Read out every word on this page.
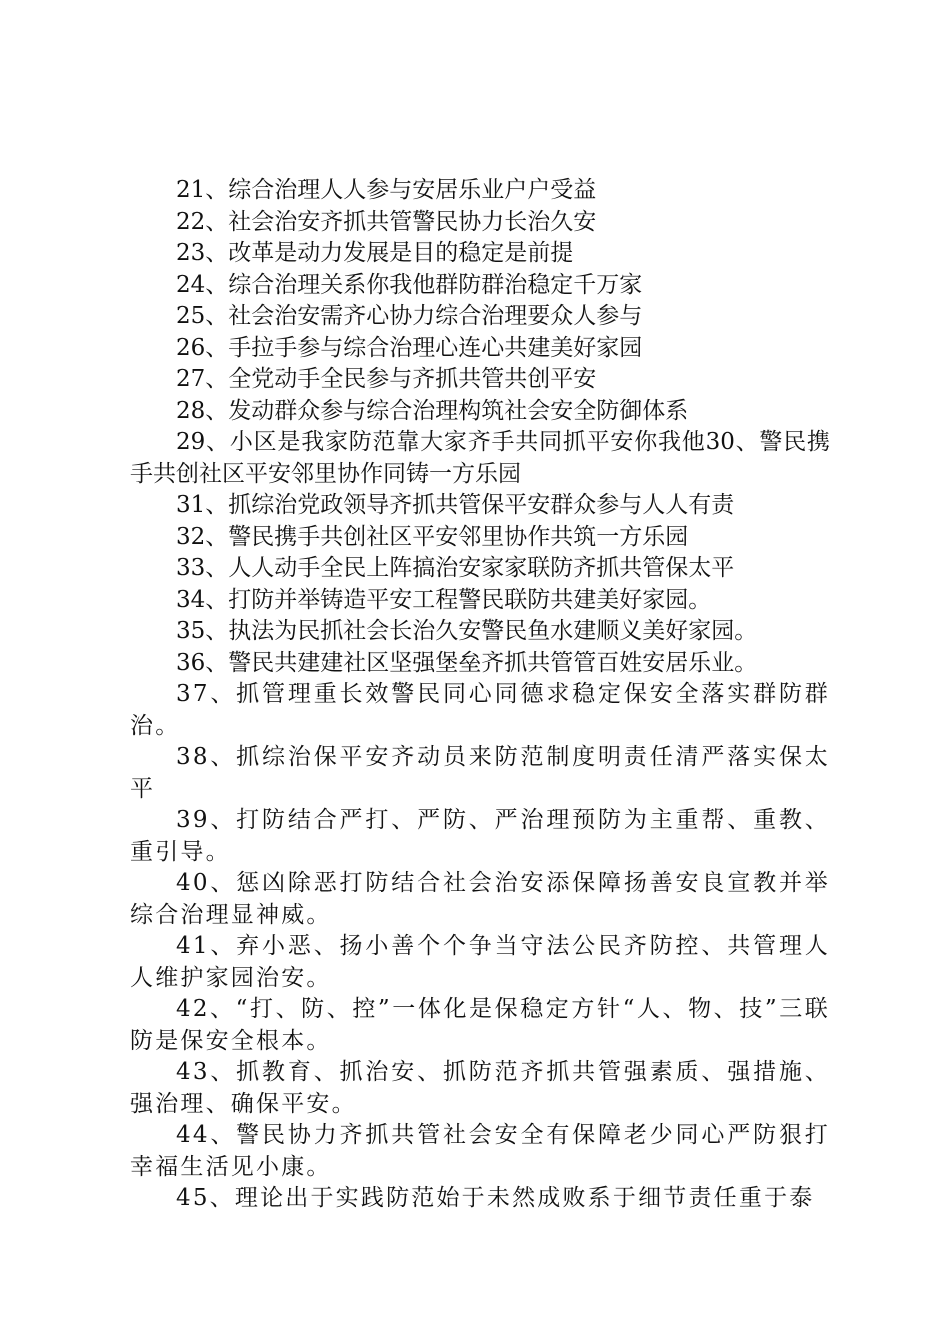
21、综合治理人人参与安居乐业户户受益

22、社会治安齐抓共管警民协力长治久安

23、改革是动力发展是目的稳定是前提

24、综合治理关系你我他群防群治稳定千万家

25、社会治安需齐心协力综合治理要众人参与

26、手拉手参与综合治理心连心共建美好家园

27、全党动手全民参与齐抓共管共创平安

28、发动群众参与综合治理构筑社会安全防御体系

29、小区是我家防范靠大家齐手共同抓平安你我他30、警民携手共创社区平安邻里协作同铸一方乐园

31、抓综治党政领导齐抓共管保平安群众参与人人有责

32、警民携手共创社区平安邻里协作共筑一方乐园

33、人人动手全民上阵搞治安家家联防齐抓共管保太平

34、打防并举铸造平安工程警民联防共建美好家园。

35、执法为民抓社会长治久安警民鱼水建顺义美好家园。

36、警民共建建社区坚强堡垒齐抓共管管百姓安居乐业。

37、抓管理重长效警民同心同德求稳定保安全落实群防群治。

38、抓综治保平安齐动员来防范制度明责任清严落实保太平

39、打防结合严打、严防、严治理预防为主重帮、重教、重引导。

40、惩凶除恶打防结合社会治安添保障扬善安良宣教并举综合治理显神威。

41、弃小恶、扬小善个个争当守法公民齐防控、共管理人人维护家园治安。

42、“打、防、控”一体化是保稳定方针“人、物、技”三联防是保安全根本。

43、抓教育、抓治安、抓防范齐抓共管强素质、强措施、强治理、确保平安。

44、警民协力齐抓共管社会安全有保障老少同心严防狠打幸福生活见小康。

45、理论出于实践防范始于未然成败系于细节责任重于泰
